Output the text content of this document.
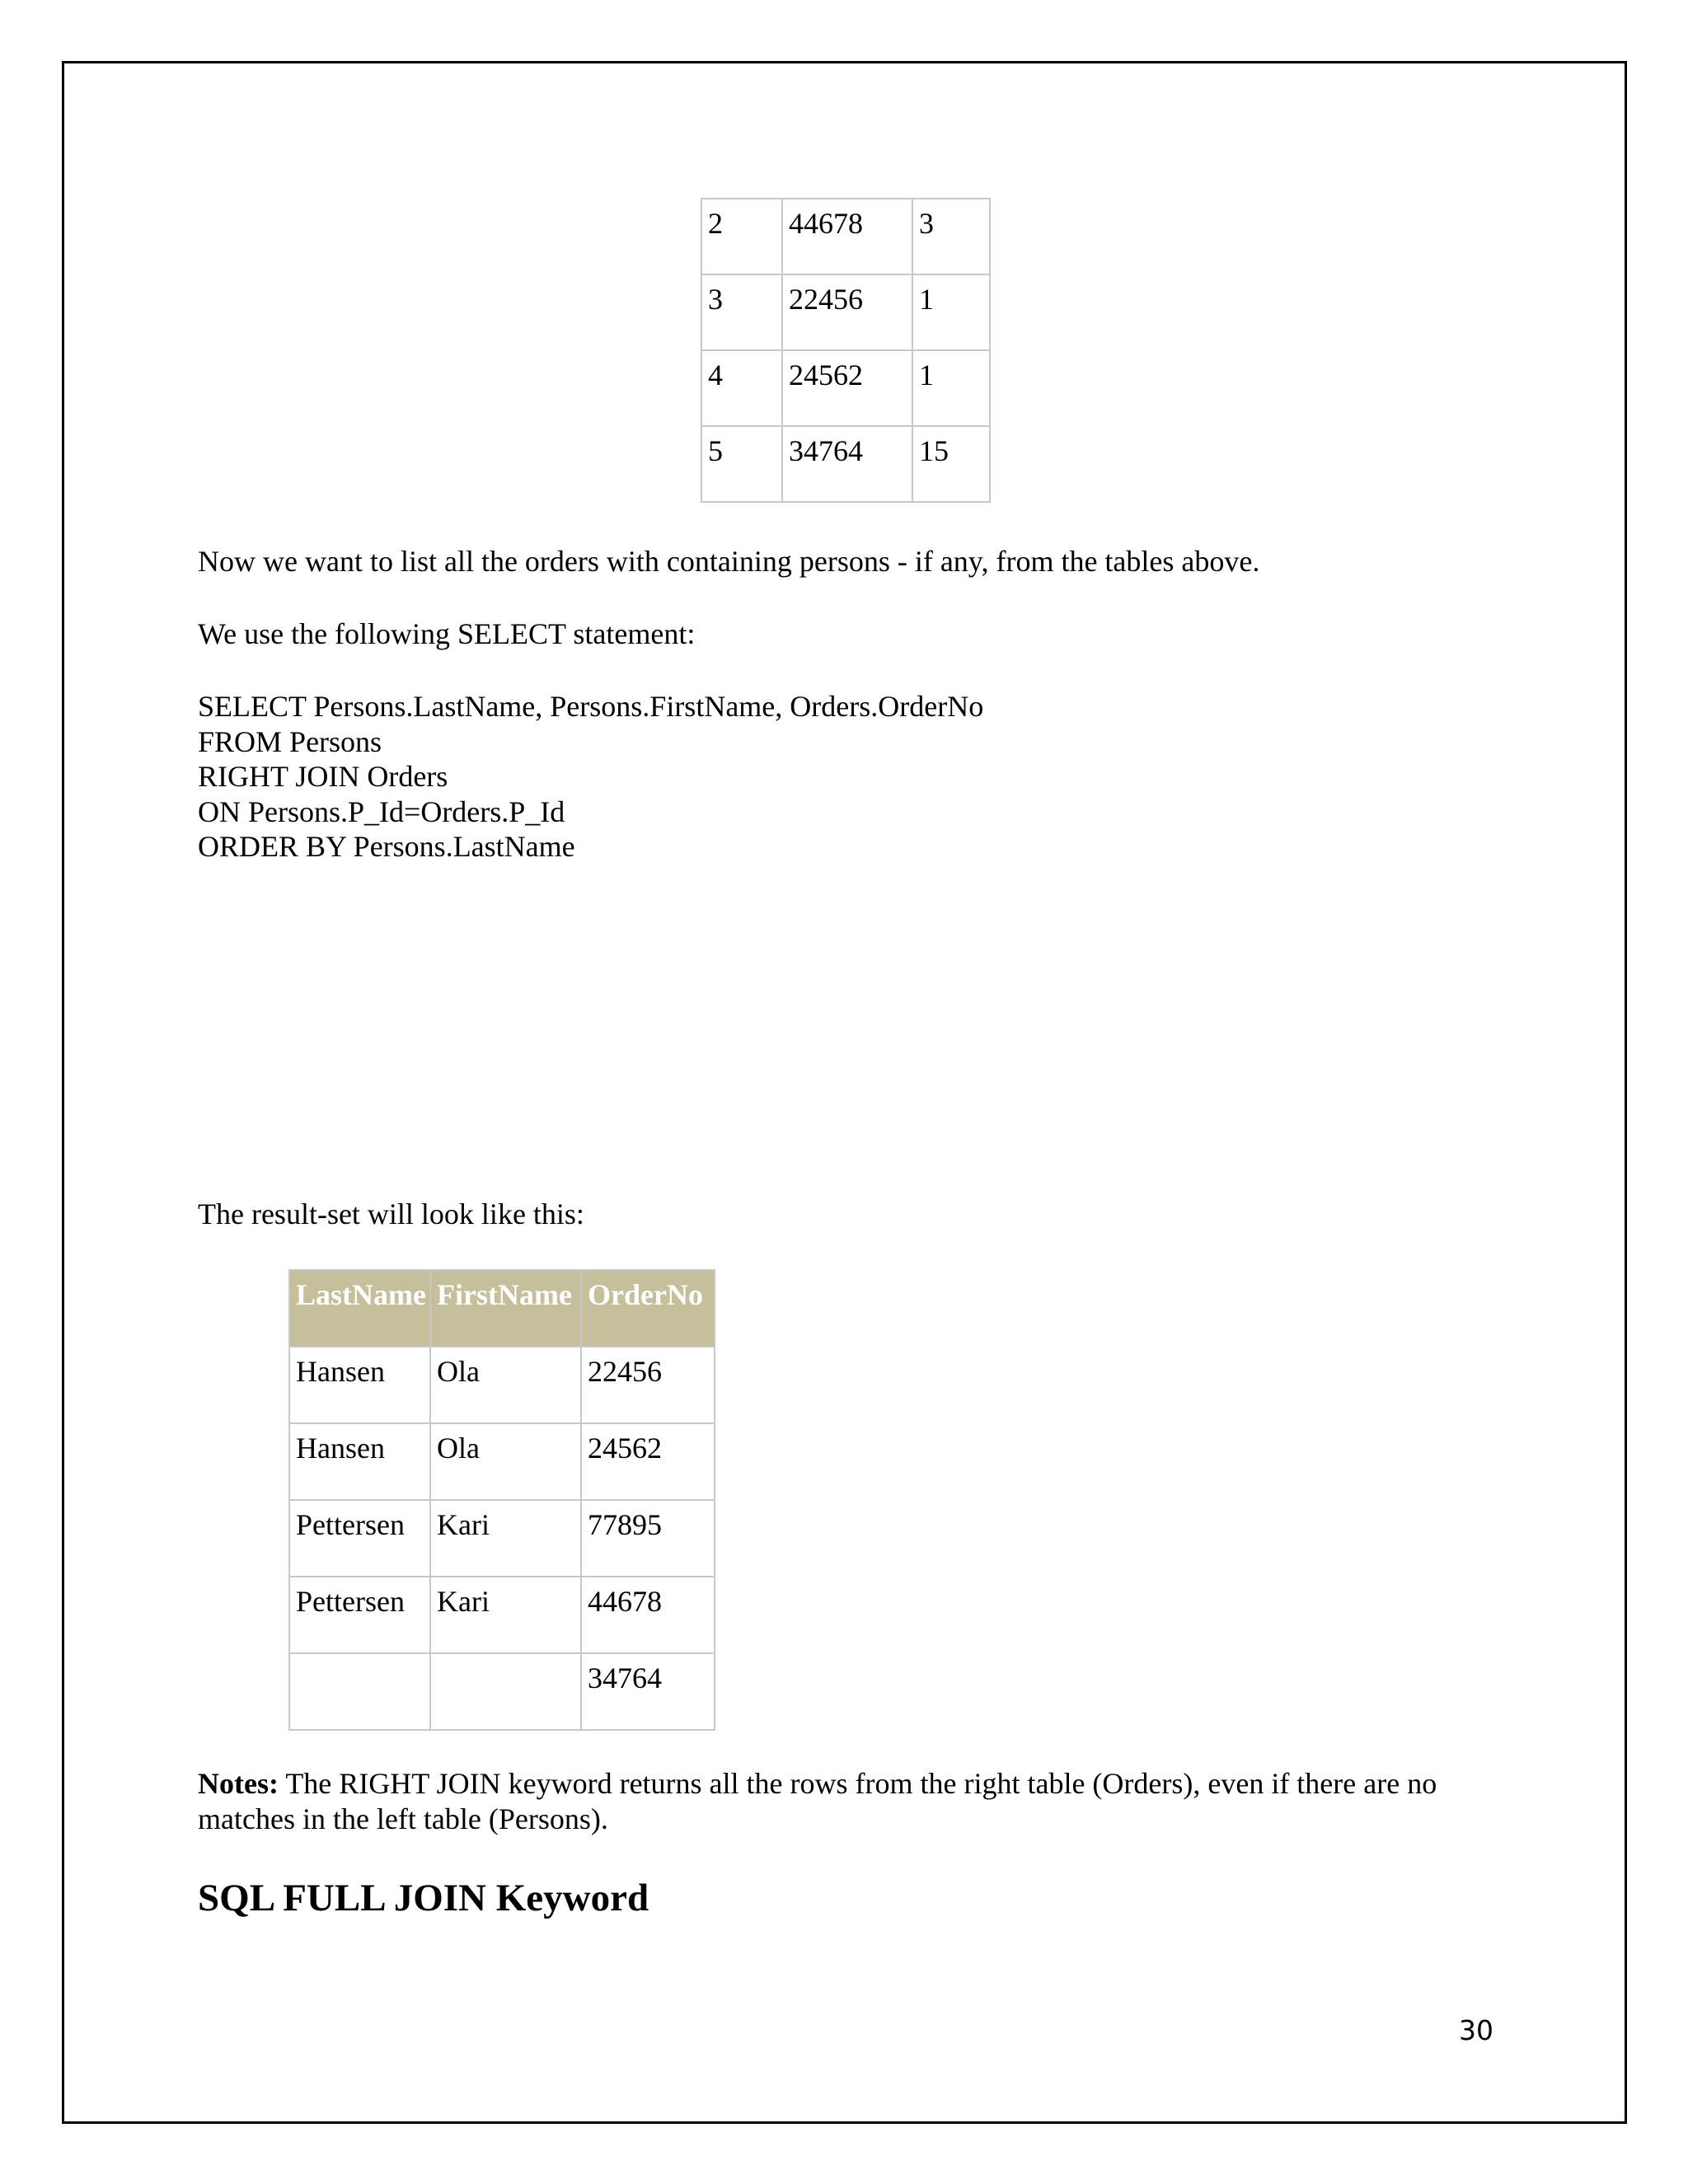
2	44678	3
3	22456	1
4	24562	1
5	34764	15
Now we want to list all the orders with containing persons - if any, from the tables above.
We use the following SELECT statement:
SELECT Persons.LastName, Persons.FirstName, Orders.OrderNo
FROM Persons
RIGHT JOIN Orders
ON Persons.P_Id=Orders.P_Id
ORDER BY Persons.LastName
The result-set will look like this:
LastName	FirstName	OrderNo
Hansen	Ola	22456
Hansen	Ola	24562
Pettersen	Kari	77895
Pettersen	Kari	44678
		34764
Notes: The RIGHT JOIN keyword returns all the rows from the right table (Orders), even if there are no matches in the left table (Persons).
SQL FULL JOIN Keyword
30
